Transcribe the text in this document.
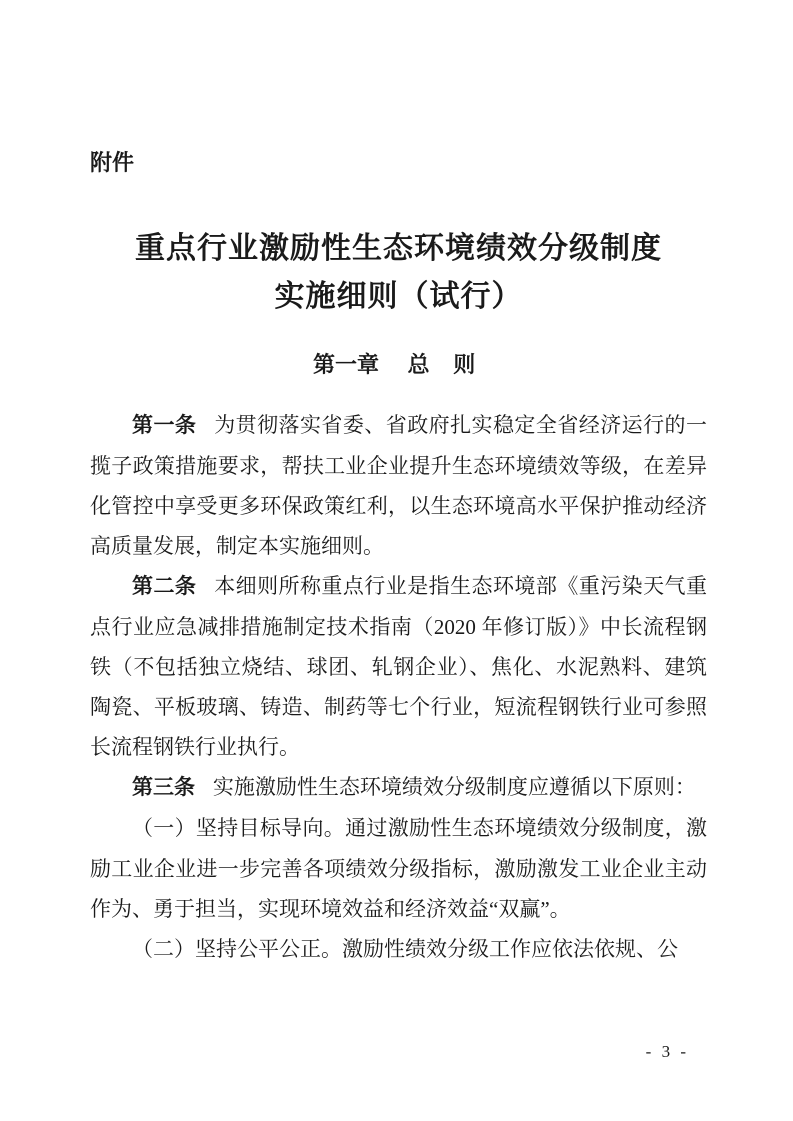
附件
重点行业激励性生态环境绩效分级制度
实施细则（试行）
第一章 总 则

第一条 为贯彻落实省委、省政府扎实稳定全省经济运行的一揽子政策措施要求，帮扶工业企业提升生态环境绩效等级，在差异化管控中享受更多环保政策红利，以生态环境高水平保护推动经济高质量发展，制定本实施细则。

第二条 本细则所称重点行业是指生态环境部《重污染天气重点行业应急减排措施制定技术指南（2020 年修订版）》中长流程钢铁（不包括独立烧结、球团、轧钢企业）、焦化、水泥熟料、建筑陶瓷、平板玻璃、铸造、制药等七个行业，短流程钢铁行业可参照长流程钢铁行业执行。

第三条 实施激励性生态环境绩效分级制度应遵循以下原则：

（一）坚持目标导向。通过激励性生态环境绩效分级制度，激励工业企业进一步完善各项绩效分级指标，激励激发工业企业主动作为、勇于担当，实现环境效益和经济效益“双赢”。

（二）坚持公平公正。激励性绩效分级工作应依法依规、公

- 3 -
